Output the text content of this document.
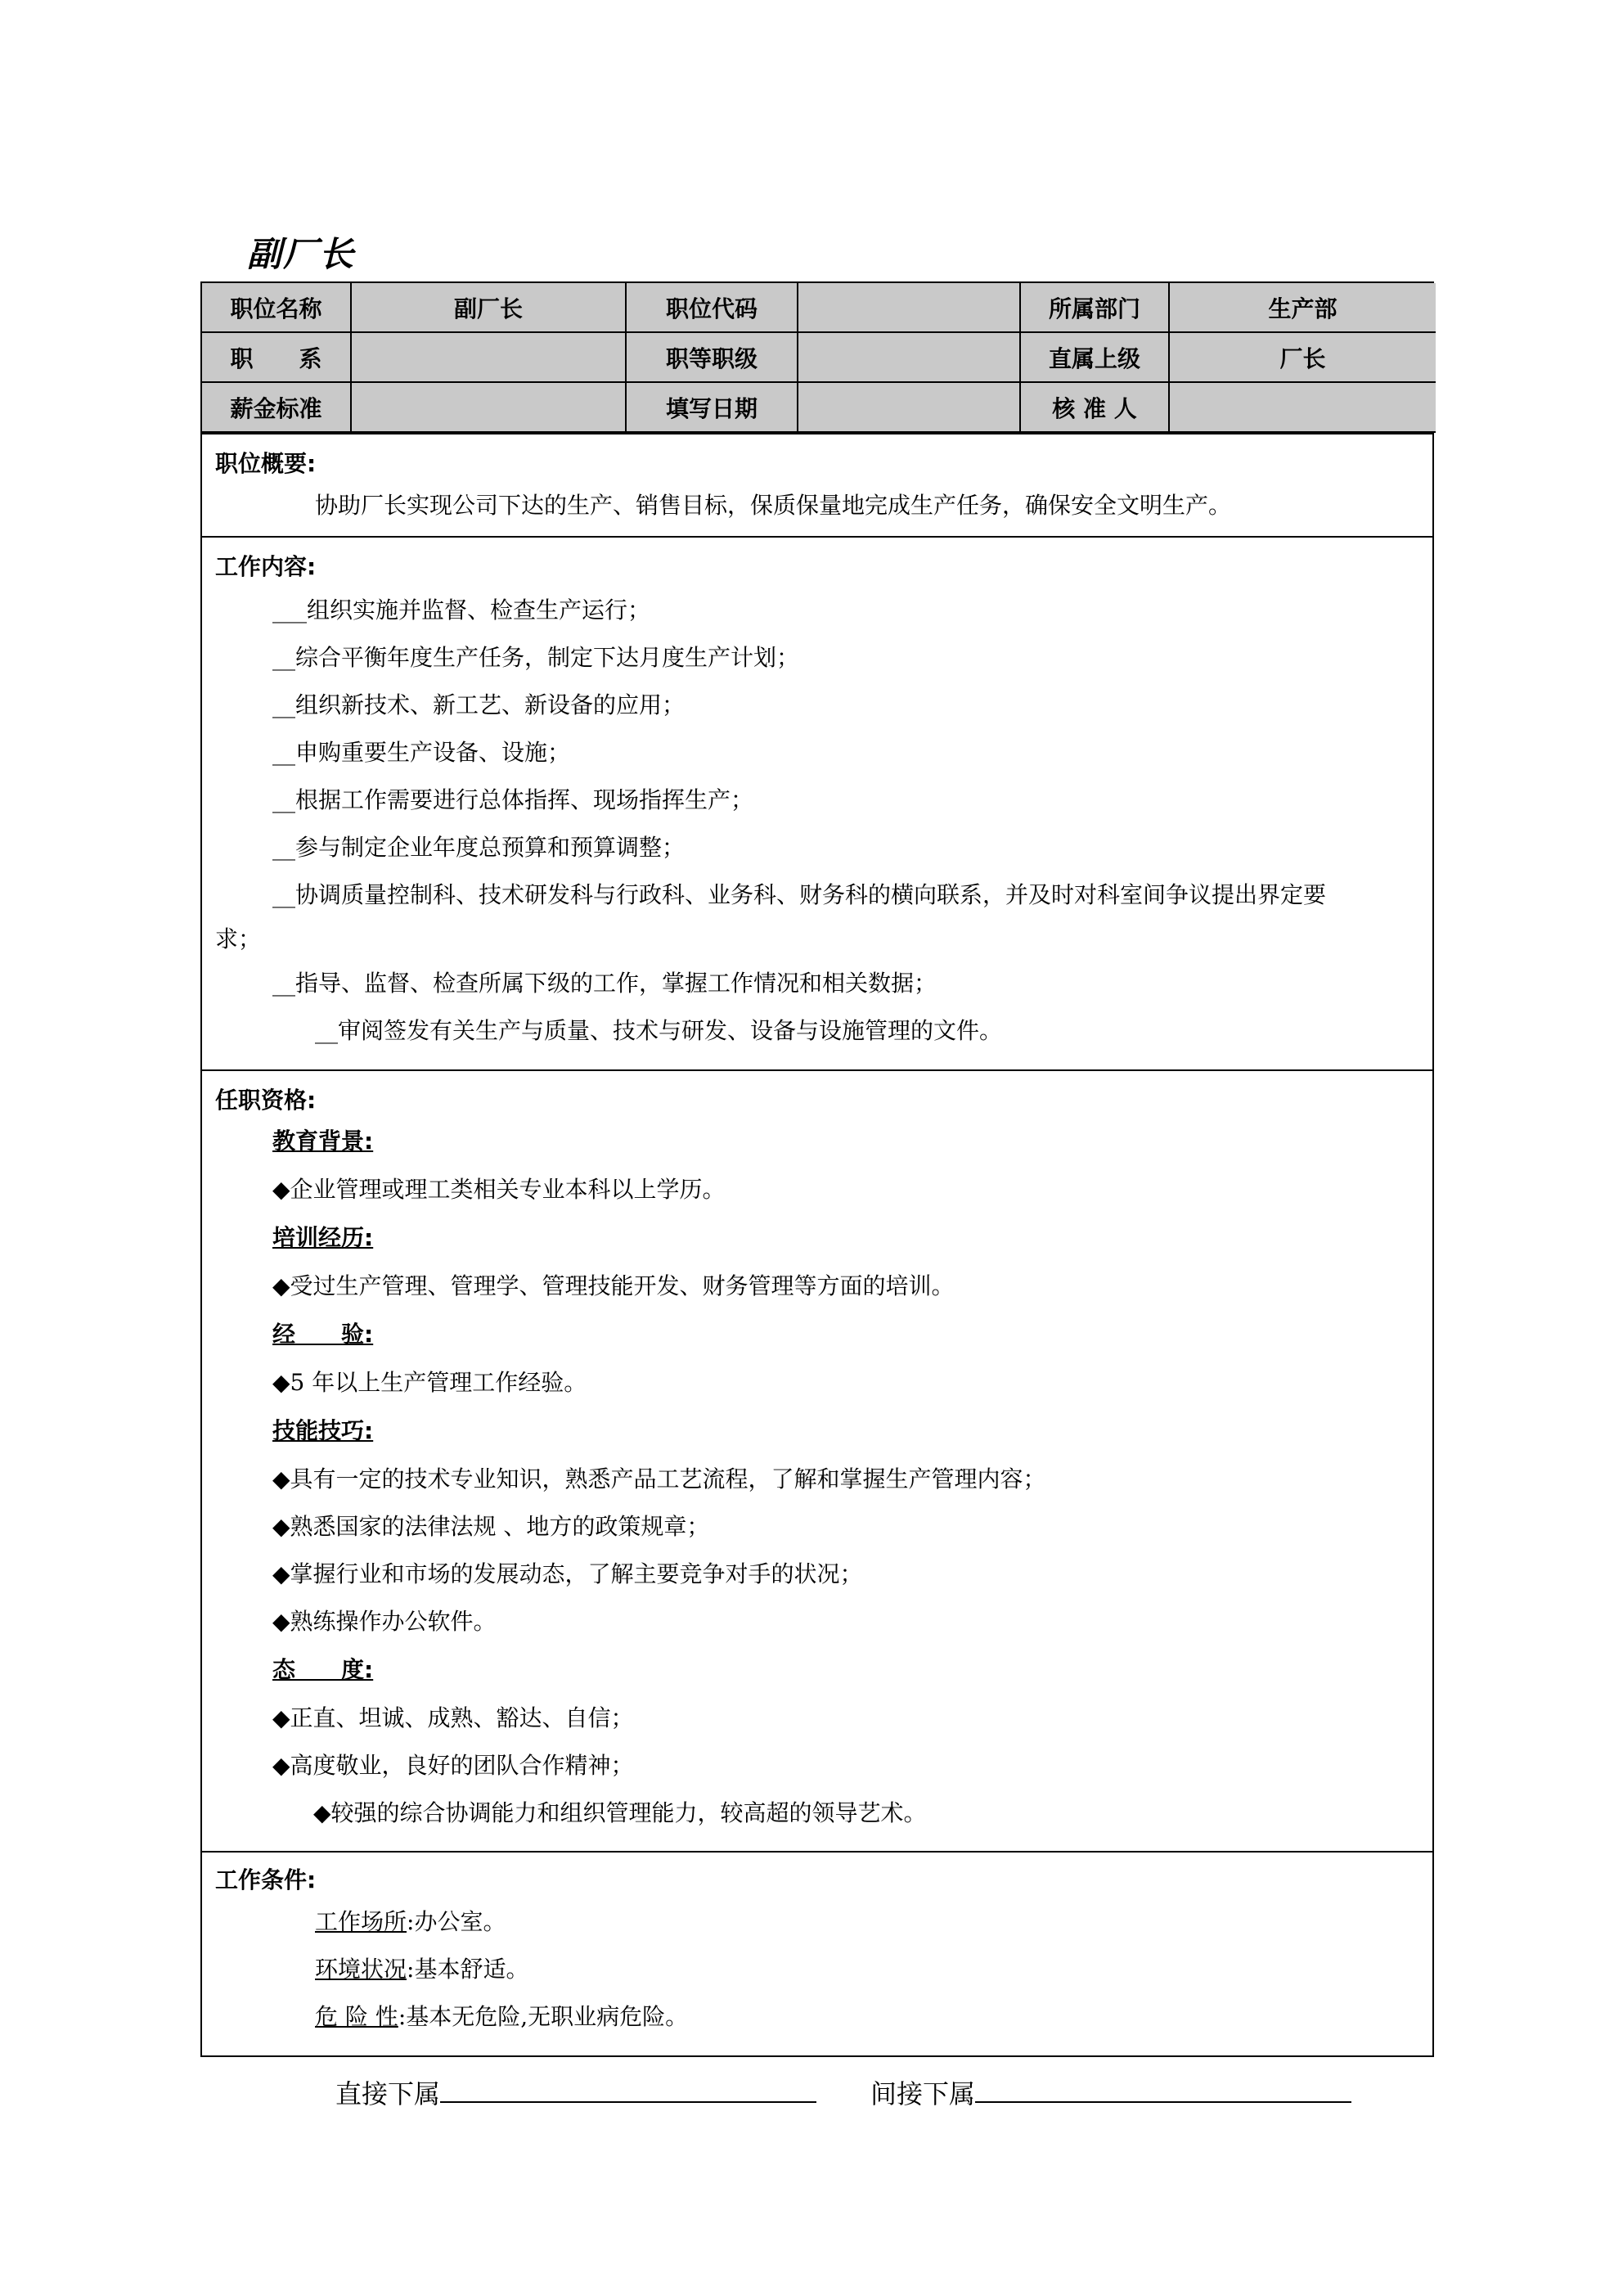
副厂长
职位名称	副厂长	职位代码		所属部门	生产部
职　　系		职等职级		直属上级	厂长
薪金标准		填写日期		核 准 人	
职位概要:
协助厂长实现公司下达的生产、销售目标，保质保量地完成生产任务，确保安全文明生产。
工作内容:
___组织实施并监督、检查生产运行；
__综合平衡年度生产任务，制定下达月度生产计划；
__组织新技术、新工艺、新设备的应用；
__申购重要生产设备、设施；
__根据工作需要进行总体指挥、现场指挥生产；
__参与制定企业年度总预算和预算调整；
__协调质量控制科、技术研发科与行政科、业务科、财务科的横向联系，并及时对科室间争议提出界定要
求；
__指导、监督、检查所属下级的工作，掌握工作情况和相关数据；
__审阅签发有关生产与质量、技术与研发、设备与设施管理的文件。
任职资格:
教育背景:
◆企业管理或理工类相关专业本科以上学历。
培训经历:
◆受过生产管理、管理学、管理技能开发、财务管理等方面的培训。
经　　验:
◆5 年以上生产管理工作经验。
技能技巧:
◆具有一定的技术专业知识，熟悉产品工艺流程，了解和掌握生产管理内容；
◆熟悉国家的法律法规 、地方的政策规章；
◆掌握行业和市场的发展动态，了解主要竞争对手的状况；
◆熟练操作办公软件。
态　　度:
◆正直、坦诚、成熟、豁达、自信；
◆高度敬业，良好的团队合作精神；
◆较强的综合协调能力和组织管理能力，较高超的领导艺术。
工作条件:
工作场所:办公室。
环境状况:基本舒适。
危 险 性:基本无危险,无职业病危险。
直接下属	间接下属
